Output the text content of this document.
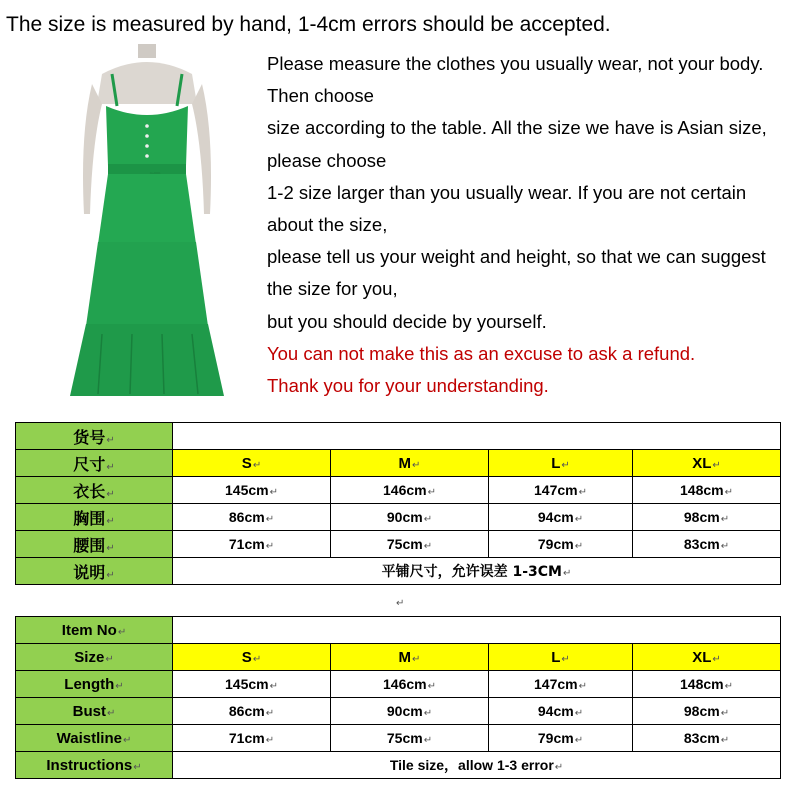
The size is measured by hand, 1-4cm errors should be accepted.
Please measure the clothes you usually wear, not your body.
Then choose
size according to the table. All the size we have is Asian size,
please choose
1-2 size larger than you usually wear. If you are not certain
about the size,
please tell us your weight and height, so that we can suggest
the size for you,
but you should decide by yourself.
You can not make this as an excuse to ask a refund.
Thank you for your understanding.
货号↵				
尺寸↵	S↵	M↵	L↵	XL↵
衣长↵	145cm↵	146cm↵	147cm↵	148cm↵
胸围↵	86cm↵	90cm↵	94cm↵	98cm↵
腰围↵	71cm↵	75cm↵	79cm↵	83cm↵
说明↵	平铺尺寸，允许误差 1-3CM↵			
↵
Item No↵				
Size↵	S↵	M↵	L↵	XL↵
Length↵	145cm↵	146cm↵	147cm↵	148cm↵
Bust↵	86cm↵	90cm↵	94cm↵	98cm↵
Waistline↵	71cm↵	75cm↵	79cm↵	83cm↵
Instructions↵	Tile size，allow 1-3 error↵			
